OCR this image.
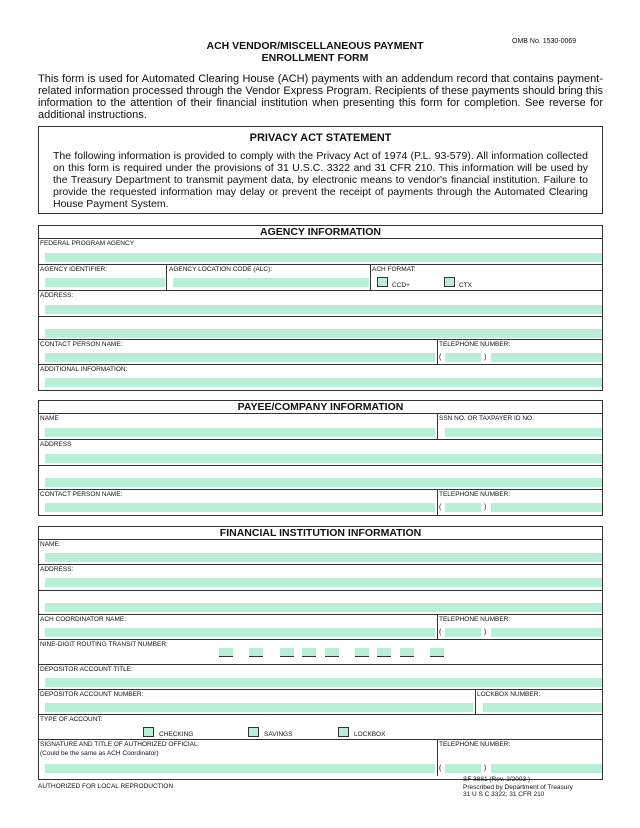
OMB No. 1530-0069
ACH VENDOR/MISCELLANEOUS PAYMENT
ENROLLMENT FORM
This form is used for Automated Clearing House (ACH) payments with an addendum record that contains payment-related information processed through the Vendor Express Program. Recipients of these payments should bring this information to the attention of their financial institution when presenting this form for completion. See reverse for additional instructions.
PRIVACY ACT STATEMENT
The following information is provided to comply with the Privacy Act of 1974 (P.L. 93-579). All information collected on this form is required under the provisions of 31 U.S.C. 3322 and 31 CFR 210. This information will be used by the Treasury Department to transmit payment data, by electronic means to vendor's financial institution. Failure to provide the requested information may delay or prevent the receipt of payments through the Automated Clearing House Payment System.
AGENCY INFORMATION
FEDERAL PROGRAM AGENCY
AGENCY IDENTIFIER:	AGENCY LOCATION CODE (ALC):	ACH FORMAT:
CCD+	CTX
ADDRESS:
CONTACT PERSON NAME:	TELEPHONE NUMBER:
(	)
ADDITIONAL INFORMATION:
PAYEE/COMPANY INFORMATION
NAME	SSN NO. OR TAXPAYER ID NO.
ADDRESS
CONTACT PERSON NAME:	TELEPHONE NUMBER:
(	)
FINANCIAL INSTITUTION INFORMATION
NAME:
ADDRESS:
ACH COORDINATOR NAME:	TELEPHONE NUMBER:
(	)
NINE-DIGIT ROUTING TRANSIT NUMBER:
DEPOSITOR ACCOUNT TITLE:
DEPOSITOR ACCOUNT NUMBER:	LOCKBOX NUMBER:
TYPE OF ACCOUNT:
CHECKING	SAVINGS	LOCKBOX
SIGNATURE AND TITLE OF AUTHORIZED OFFICIAL:
(Could be the same as ACH Coordinator)
TELEPHONE NUMBER:
(	)
AUTHORIZED FOR LOCAL REPRODUCTION
SF 3881 (Rev. 2/2003 )
Prescribed by Department of Treasury
31 U S C 3322; 31 CFR 210
